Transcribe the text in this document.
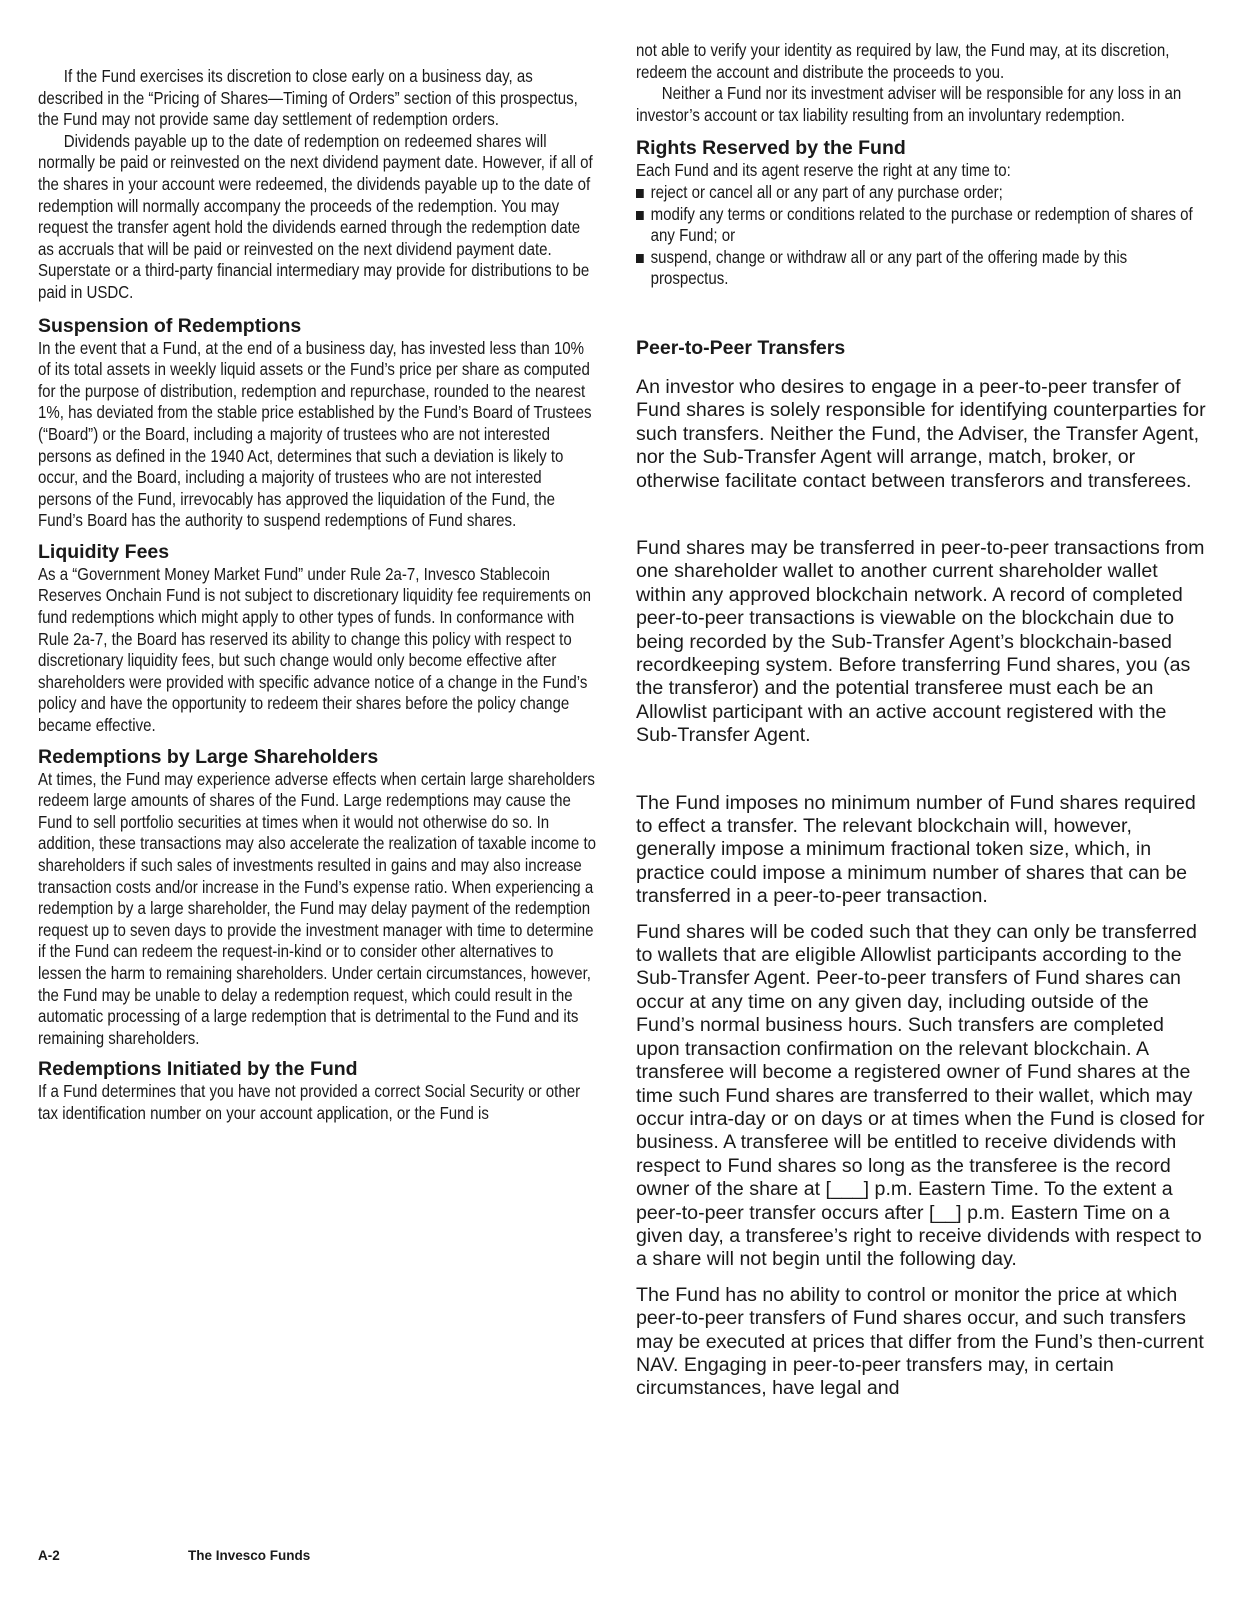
If the Fund exercises its discretion to close early on a business day, as described in the “Pricing of Shares—Timing of Orders” section of this prospectus, the Fund may not provide same day settlement of redemption orders.

Dividends payable up to the date of redemption on redeemed shares will normally be paid or reinvested on the next dividend payment date. However, if all of the shares in your account were redeemed, the dividends payable up to the date of redemption will normally accompany the proceeds of the redemption. You may request the transfer agent hold the dividends earned through the redemption date as accruals that will be paid or reinvested on the next dividend payment date. Superstate or a third-party financial intermediary may provide for distributions to be paid in USDC.

Suspension of Redemptions

In the event that a Fund, at the end of a business day, has invested less than 10% of its total assets in weekly liquid assets or the Fund’s price per share as computed for the purpose of distribution, redemption and repurchase, rounded to the nearest 1%, has deviated from the stable price established by the Fund’s Board of Trustees (“Board”) or the Board, including a majority of trustees who are not interested persons as defined in the 1940 Act, determines that such a deviation is likely to occur, and the Board, including a majority of trustees who are not interested persons of the Fund, irrevocably has approved the liquidation of the Fund, the Fund’s Board has the authority to suspend redemptions of Fund shares.

Liquidity Fees

As a “Government Money Market Fund” under Rule 2a-7, Invesco Stablecoin Reserves Onchain Fund is not subject to discretionary liquidity fee requirements on fund redemptions which might apply to other types of funds. In conformance with Rule 2a-7, the Board has reserved its ability to change this policy with respect to discretionary liquidity fees, but such change would only become effective after shareholders were provided with specific advance notice of a change in the Fund’s policy and have the opportunity to redeem their shares before the policy change became effective.

Redemptions by Large Shareholders

At times, the Fund may experience adverse effects when certain large shareholders redeem large amounts of shares of the Fund. Large redemptions may cause the Fund to sell portfolio securities at times when it would not otherwise do so. In addition, these transactions may also accelerate the realization of taxable income to shareholders if such sales of investments resulted in gains and may also increase transaction costs and/or increase in the Fund’s expense ratio. When experiencing a redemption by a large shareholder, the Fund may delay payment of the redemption request up to seven days to provide the investment manager with time to determine if the Fund can redeem the request-in-kind or to consider other alternatives to lessen the harm to remaining shareholders. Under certain circumstances, however, the Fund may be unable to delay a redemption request, which could result in the automatic processing of a large redemption that is detrimental to the Fund and its remaining shareholders.

Redemptions Initiated by the Fund

If a Fund determines that you have not provided a correct Social Security or other tax identification number on your account application, or the Fund is

not able to verify your identity as required by law, the Fund may, at its discretion, redeem the account and distribute the proceeds to you.

Neither a Fund nor its investment adviser will be responsible for any loss in an investor’s account or tax liability resulting from an involuntary redemption.

Rights Reserved by the Fund

Each Fund and its agent reserve the right at any time to:

reject or cancel all or any part of any purchase order;
modify any terms or conditions related to the purchase or redemption of shares of any Fund; or
suspend, change or withdraw all or any part of the offering made by this prospectus.
Peer-to-Peer Transfers

An investor who desires to engage in a peer-to-peer transfer of Fund shares is solely responsible for identifying counterparties for such transfers. Neither the Fund, the Adviser, the Transfer Agent, nor the Sub-Transfer Agent will arrange, match, broker, or otherwise facilitate contact between transferors and transferees.

Fund shares may be transferred in peer-to-peer transactions from one shareholder wallet to another current shareholder wallet within any approved blockchain network. A record of completed peer-to-peer transactions is viewable on the blockchain due to being recorded by the Sub-Transfer Agent’s blockchain-based recordkeeping system. Before transferring Fund shares, you (as the transferor) and the potential transferee must each be an Allowlist participant with an active account registered with the Sub-Transfer Agent.

The Fund imposes no minimum number of Fund shares required to effect a transfer. The relevant blockchain will, however, generally impose a minimum fractional token size, which, in practice could impose a minimum number of shares that can be transferred in a peer-to-peer transaction.

Fund shares will be coded such that they can only be transferred to wallets that are eligible Allowlist participants according to the Sub-Transfer Agent. Peer-to-peer transfers of Fund shares can occur at any time on any given day, including outside of the Fund’s normal business hours. Such transfers are completed upon transaction confirmation on the relevant blockchain. A transferee will become a registered owner of Fund shares at the time such Fund shares are transferred to their wallet, which may occur intra-day or on days or at times when the Fund is closed for business. A transferee will be entitled to receive dividends with respect to Fund shares so long as the transferee is the record owner of the share at [___] p.m. Eastern Time. To the extent a peer-to-peer transfer occurs after [__] p.m. Eastern Time on a given day, a transferee’s right to receive dividends with respect to a share will not begin until the following day.

The Fund has no ability to control or monitor the price at which peer-to-peer transfers of Fund shares occur, and such transfers may be executed at prices that differ from the Fund’s then-current NAV. Engaging in peer-to-peer transfers may, in certain circumstances, have legal and

A-2	The Invesco Funds
